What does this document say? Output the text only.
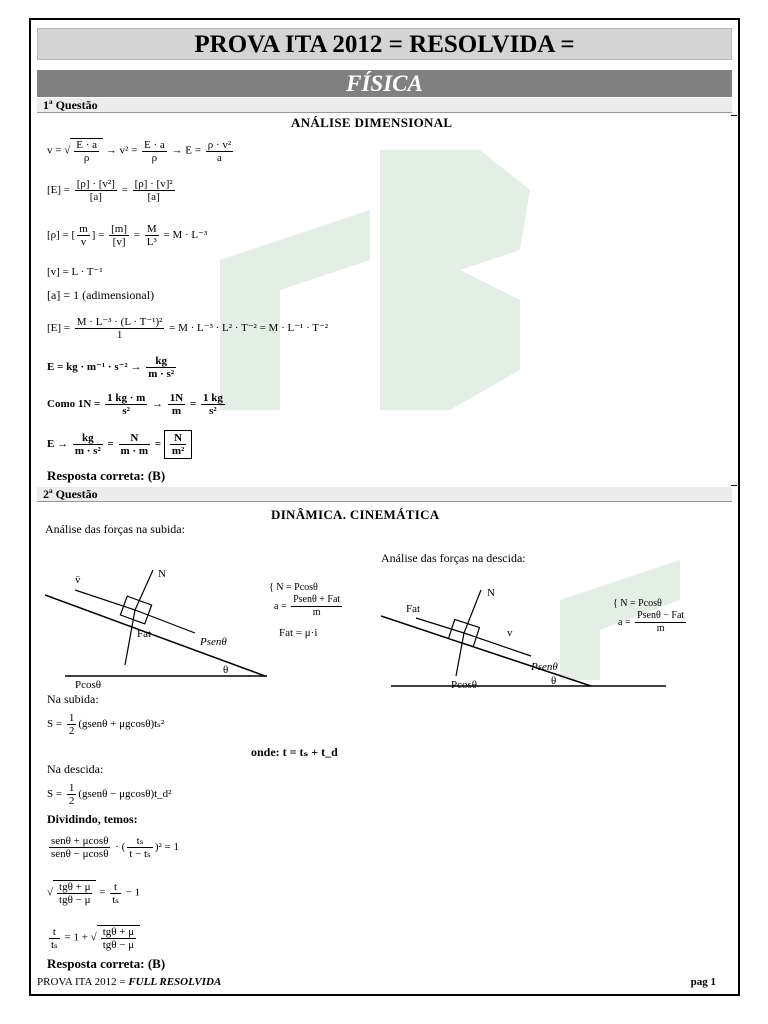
PROVA ITA 2012 = RESOLVIDA =
FÍSICA
1ª Questão
ANÁLISE DIMENSIONAL
v = √ $\frac{E \cdot a}{\rho} \to v^2 = \frac{E \cdot a}{\rho} \to E = \frac{\text{ρ · v²}}{a}$
$[E] = \frac{\text{[ρ] · [v²]}}{[a]} = \frac{\text{[ρ] · [v]²}}{[a]}$
[ρ] = [ $\frac{m}{v}$ ] = $\frac{[m]}{[v]} = \frac{M}{\text{L³}} = M \cdot L^{-3}$
[v] = L · T⁻¹
[a] = 1 (adimensional)
$[E] = \frac{\text{M · L⁻³ · (L · T⁻¹)²}}{1} = M \cdot L^{-3} \cdot L^2 \cdot T^{-2} = M \cdot L^{-1} \cdot T^{-2}$
E = kg · $m^{-1} \cdot s^{-2} \to \frac{kg}{\text{m · s²}}$
Como $1N = \frac{1 kg \cdot m}{\text{s²}} \to \frac{1N}{m} = \frac{1 kg}{\text{s²}}$
$E \to \frac{kg}{\text{m · s²}} = \frac{N}{m \cdot m} = \frac{N}{\text{m²}}$
Resposta correta: (B)
2ª Questão
DINÂMICA. CINEMÁTICA
Análise das forças na subida:
Análise das forças na descida:
N
v̄
Fat
Psenθ
θ
Pcosθ
{ N = Pcosθ
$a = \frac{\text{Psenθ + Fat}}{m}$
Fat = μ·i
N
Fat
v
Psenθ
θ
Pcosθ
{ N = Pcosθ
$a = \frac{\text{Psenθ − Fat}}{m}$
Na subida:
$S = \frac{1}{2}$ (gsenθ + μgcosθ)tₛ²
onde: t = tₛ + t_d
Na descida:
$S = \frac{1}{2}$ (gsenθ − μgcosθ)t_d²
Dividindo, temos:
$\frac{\text{senθ + μcosθ}}{\text{senθ − μcosθ}}$ · ( $\frac{\text{tₛ}}{\text{t − tₛ}} )^2 = 1$
√ $\frac{\text{tgθ + μ}}{\text{tgθ − μ}} = \frac{t}{\text{tₛ}} - 1$
$\frac{t}{\text{tₛ}} = 1$ + √ $\frac{\text{tgθ + μ}}{\text{tgθ − μ}}$
Resposta correta: (B)
PROVA ITA 2012 = FULL RESOLVIDA	pag 1
